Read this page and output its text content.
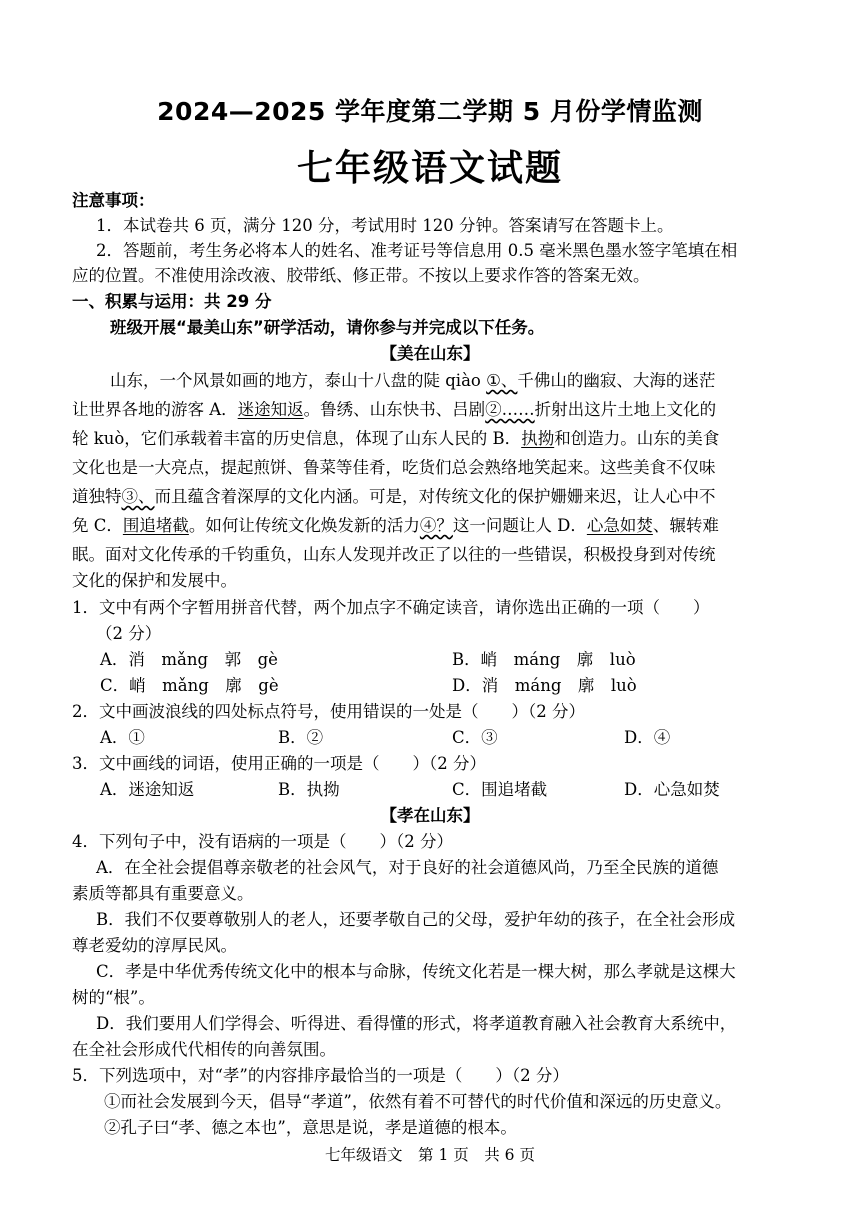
2024—2025 学年度第二学期 5 月份学情监测
七年级语文试题
注意事项：
1．本试卷共 6 页，满分 120 分，考试用时 120 分钟。答案请写在答题卡上。
2．答题前，考生务必将本人的姓名、准考证号等信息用 0.5 毫米黑色墨水签字笔填在相
应的位置。不准使用涂改液、胶带纸、修正带。不按以上要求作答的答案无效。
一、积累与运用：共 29 分
班级开展“最美山东”研学活动，请你参与并完成以下任务。
【美在山东】
山东，一个风景如画的地方，泰山十八盘的陡 qiào ①、千佛山的幽寂、大海的迷茫
让世界各地的游客 A．迷途知返。鲁绣、山东快书、吕剧②……折射出这片土地上文化的
轮 kuò，它们承载着丰富的历史信息，体现了山东人民的 B．执拗和创造力。山东的美食
文化也是一大亮点，提起煎饼、鲁菜等佳肴，吃货们总会熟络地笑起来。这些美食不仅味
道独特③、而且蕴含着深厚的文化内涵。可是，对传统文化的保护姗姗来迟，让人心中不
免 C．围追堵截。如何让传统文化焕发新的活力④？这一问题让人 D．心急如焚、辗转难
眠。面对文化传承的千钧重负，山东人发现并改正了以往的一些错误，积极投身到对传统
文化的保护和发展中。
1．文中有两个字暂用拼音代替，两个加点字不确定读音，请你选出正确的一项（　　）
（2 分）
A．消　mǎng　郭　gè	B．峭　máng　廓　luò
C．峭　mǎng　廓　gè	D．消　máng　廓　luò
2．文中画波浪线的四处标点符号，使用错误的一处是（　　）（2 分）
A．①	B．②	C．③	D．④
3．文中画线的词语，使用正确的一项是（　　）（2 分）
A．迷途知返	B．执拗	C．围追堵截	D．心急如焚
【孝在山东】
4．下列句子中，没有语病的一项是（　　）（2 分）
A．在全社会提倡尊亲敬老的社会风气，对于良好的社会道德风尚，乃至全民族的道德
素质等都具有重要意义。
B．我们不仅要尊敬别人的老人，还要孝敬自己的父母，爱护年幼的孩子，在全社会形成
尊老爱幼的淳厚民风。
C．孝是中华优秀传统文化中的根本与命脉，传统文化若是一棵大树，那么孝就是这棵大
树的“根”。
D．我们要用人们学得会、听得进、看得懂的形式，将孝道教育融入社会教育大系统中，
在全社会形成代代相传的向善氛围。
5．下列选项中，对“孝”的内容排序最恰当的一项是（　　）（2 分）
①而社会发展到今天，倡导“孝道”，依然有着不可替代的时代价值和深远的历史意义。
②孔子曰“孝、德之本也”，意思是说，孝是道德的根本。
七年级语文　第 1 页　共 6 页
